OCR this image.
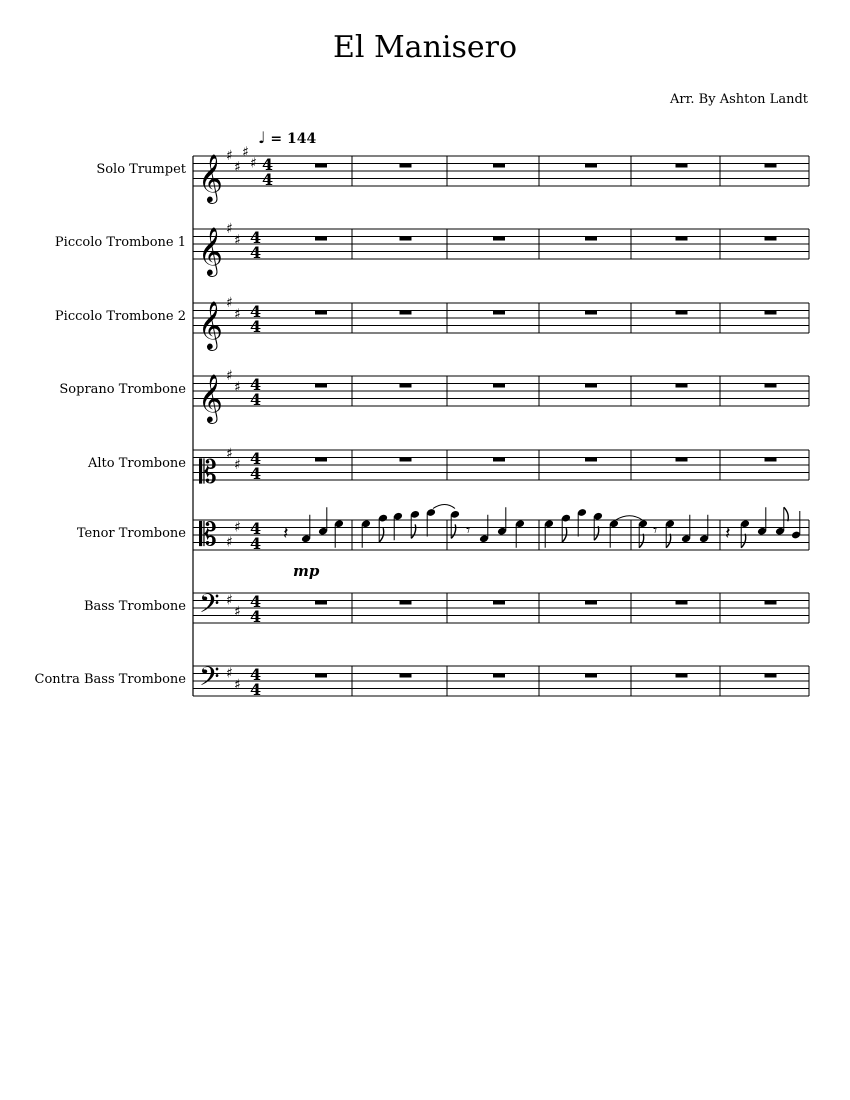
El Manisero
Arr. By Ashton Landt
♩ = 144
Solo Trumpet
Piccolo Trombone 1
Piccolo Trombone 2
Soprano Trombone
Alto Trombone
Tenor Trombone
Bass Trombone
Contra Bass Trombone
𝄞 ♯
♯
♯
♯ 4
4
𝄞 ♯
♯ 4
4
𝄞 ♯
♯ 4
4
𝄞 ♯
♯ 4
4
𝄡 ♯
♯ 4
4
𝄡 ♯
♯ 4
4
𝄢 ♯
♯
4
4
𝄢 ♯
♯
4
4
𝄽	𝄾	𝄾	𝄽
mp
